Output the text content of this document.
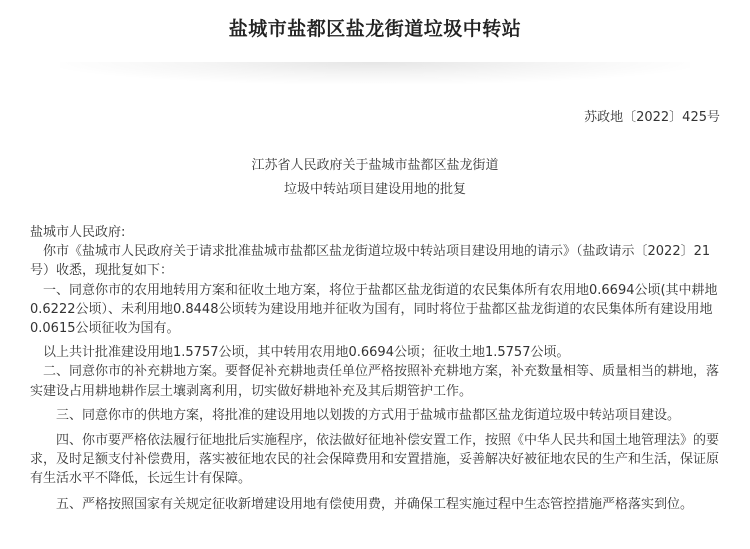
盐城市盐都区盐龙街道垃圾中转站
苏政地〔2022〕425号
江苏省人民政府关于盐城市盐都区盐龙街道
垃圾中转站项目建设用地的批复

盐城市人民政府:

你市《盐城市人民政府关于请求批准盐城市盐都区盐龙街道垃圾中转站项目建设用地的请示》（盐政请示〔2022〕21号）收悉，现批复如下：

一、同意你市的农用地转用方案和征收土地方案，将位于盐都区盐龙街道的农民集体所有农用地0.6694公顷(其中耕地0.6222公顷）、未利用地0.8448公顷转为建设用地并征收为国有，同时将位于盐都区盐龙街道的农民集体所有建设用地0.0615公顷征收为国有。

以上共计批准建设用地1.5757公顷，其中转用农用地0.6694公顷；征收土地1.5757公顷。

二、同意你市的补充耕地方案。要督促补充耕地责任单位严格按照补充耕地方案，补充数量相等、质量相当的耕地，落实建设占用耕地耕作层土壤剥离利用，切实做好耕地补充及其后期管护工作。

三、同意你市的供地方案，将批准的建设用地以划拨的方式用于盐城市盐都区盐龙街道垃圾中转站项目建设。

四、你市要严格依法履行征地批后实施程序，依法做好征地补偿安置工作，按照《中华人民共和国土地管理法》的要求，及时足额支付补偿费用，落实被征地农民的社会保障费用和安置措施，妥善解决好被征地农民的生产和生活，保证原有生活水平不降低，长远生计有保障。

五、严格按照国家有关规定征收新增建设用地有偿使用费，并确保工程实施过程中生态管控措施严格落实到位。
